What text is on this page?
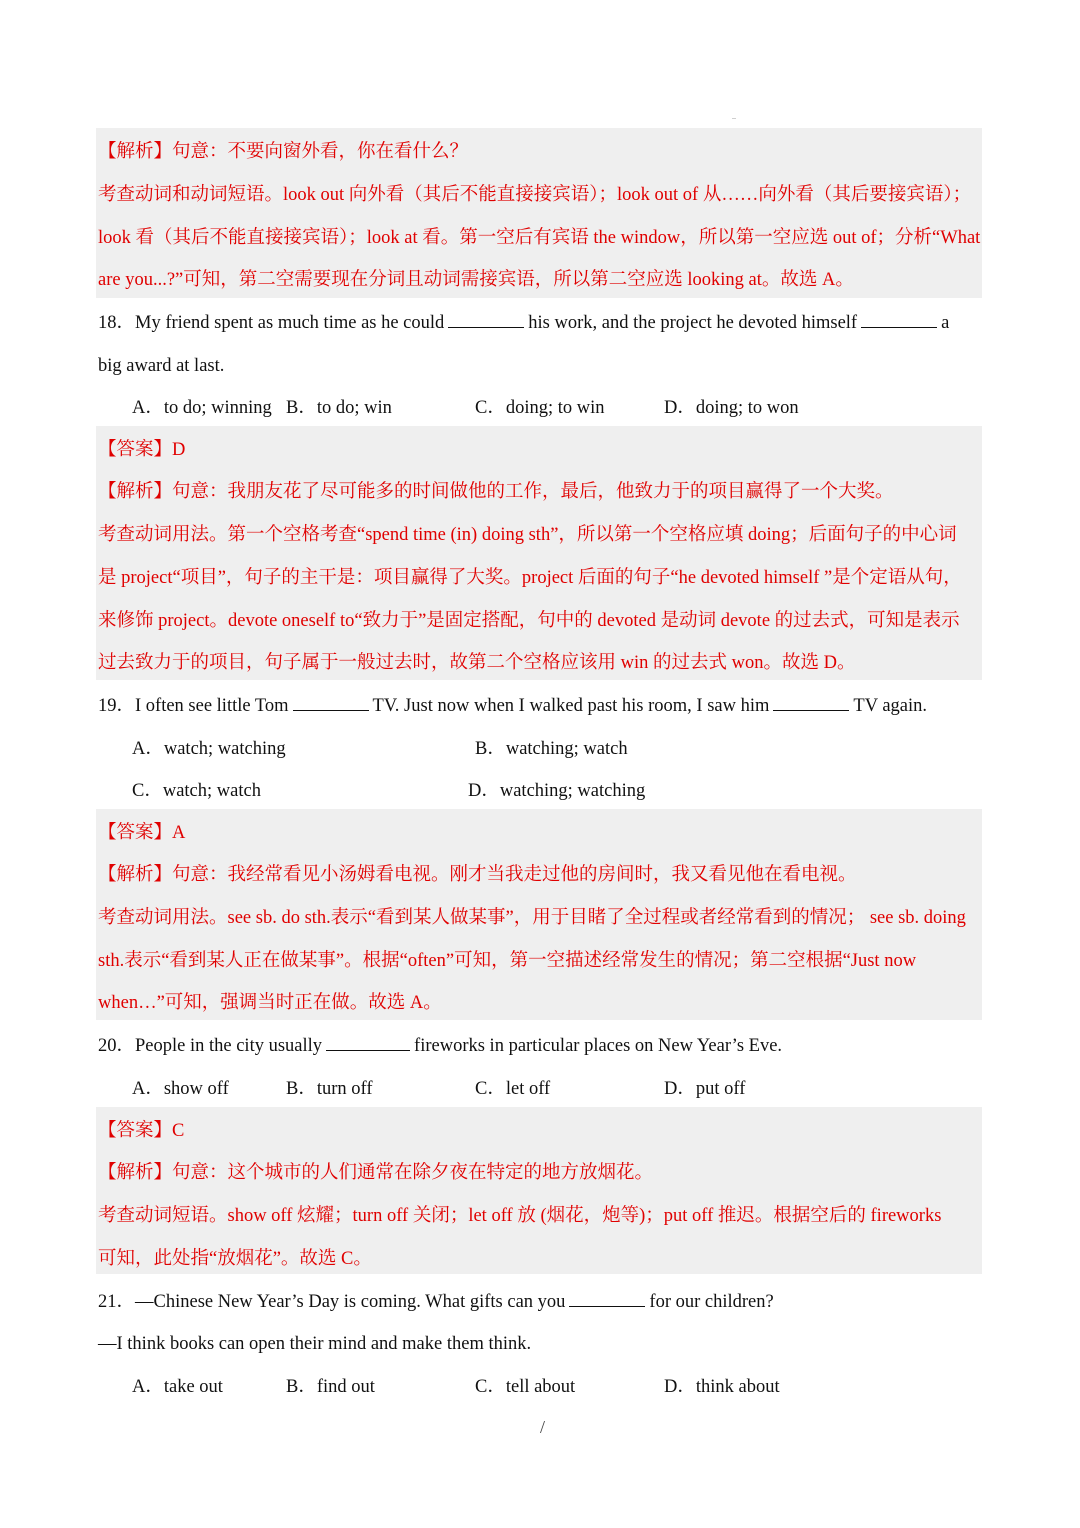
【解析】句意：不要向窗外看，你在看什么？
考查动词和动词短语。look out 向外看（其后不能直接接宾语）；look out of 从……向外看（其后要接宾语）；
look 看（其后不能直接接宾语）；look at 看。第一空后有宾语 the window，所以第一空应选 out of；分析“What
are you...?”可知，第二空需要现在分词且动词需接宾语，所以第二空应选 looking at。故选 A。
18．My friend spent as much time as he could	his work, and the project he devoted himself	a
big award at last.
A．to do; winning B．to do; win	C．doing; to win	D．doing; to won
【答案】D
【解析】句意：我朋友花了尽可能多的时间做他的工作，最后，他致力于的项目赢得了一个大奖。
考查动词用法。第一个空格考查“spend time (in) doing sth”，所以第一个空格应填 doing；后面句子的中心词
是 project“项目”，句子的主干是：项目赢得了大奖。project 后面的句子“he devoted himself ”是个定语从句，
来修饰 project。devote oneself to“致力于”是固定搭配，句中的 devoted 是动词 devote 的过去式，可知是表示
过去致力于的项目，句子属于一般过去时，故第二个空格应该用 win 的过去式 won。故选 D。
19．I often see little Tom	TV. Just now when I walked past his room, I saw him	TV again.
A．watch; watching	B．watching; watch
C．watch; watch	D．watching; watching
【答案】A
【解析】句意：我经常看见小汤姆看电视。刚才当我走过他的房间时，我又看见他在看电视。
考查动词用法。see sb. do sth.表示“看到某人做某事”，用于目睹了全过程或者经常看到的情况； see sb. doing
sth.表示“看到某人正在做某事”。根据“often”可知，第一空描述经常发生的情况；第二空根据“Just now
when…”可知，强调当时正在做。故选 A。
20．People in the city usually	fireworks in particular places on New Year’s Eve.
A．show off	B．turn off	C．let off	D．put off
【答案】C
【解析】句意：这个城市的人们通常在除夕夜在特定的地方放烟花。
考查动词短语。show off 炫耀；turn off 关闭；let off 放 (烟花，炮等)；put off 推迟。根据空后的 fireworks
可知，此处指“放烟花”。故选 C。
21．—Chinese New Year’s Day is coming. What gifts can you	for our children?
—I think books can open their mind and make them think.
A．take out	B．find out	C．tell about	D．think about
/
